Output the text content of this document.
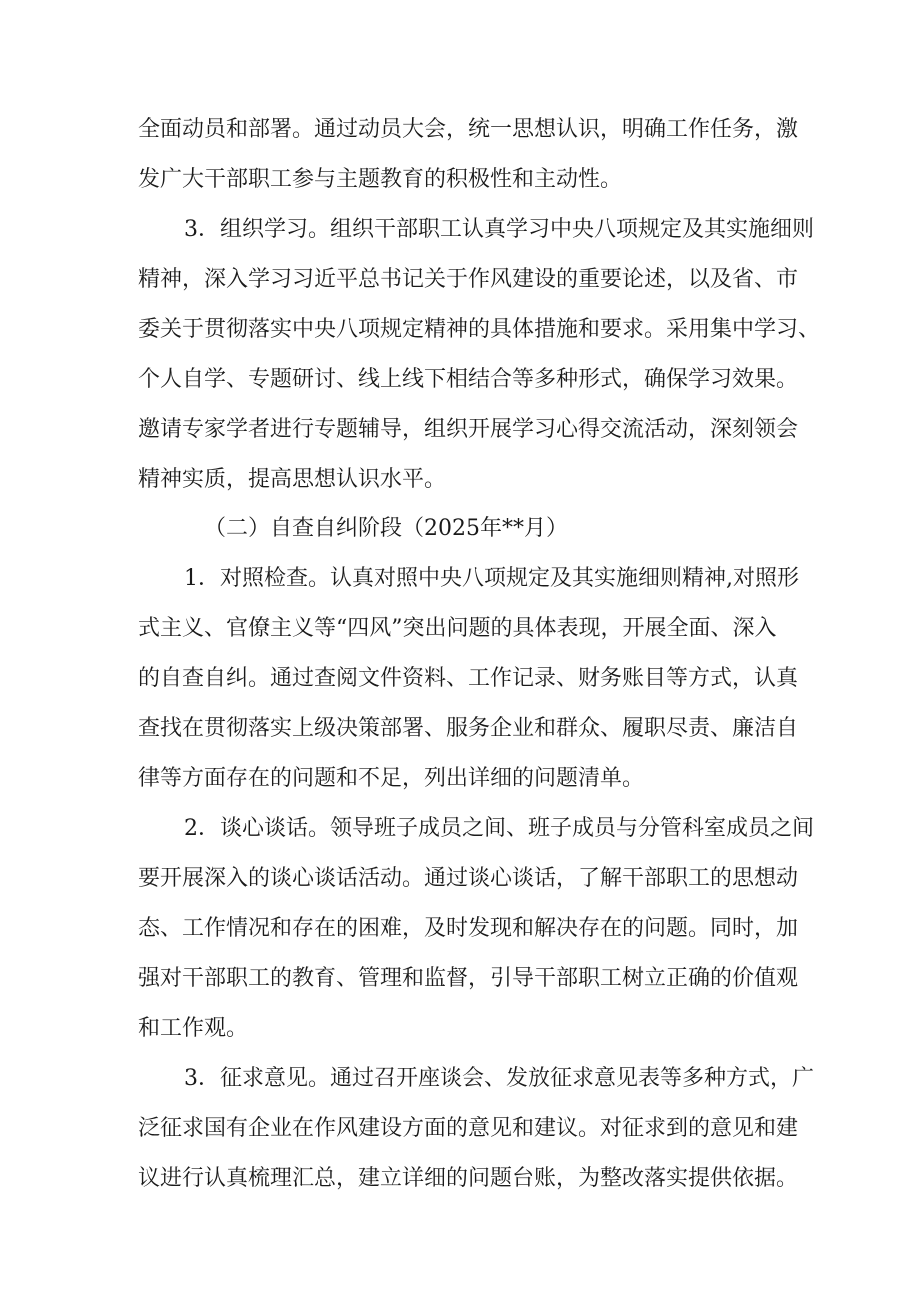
全面动员和部署。通过动员大会，统一思想认识，明确工作任务，激
发广大干部职工参与主题教育的积极性和主动性。
3．组织学习。组织干部职工认真学习中央八项规定及其实施细则
精神，深入学习习近平总书记关于作风建设的重要论述，以及省、市
委关于贯彻落实中央八项规定精神的具体措施和要求。采用集中学习、
个人自学、专题研讨、线上线下相结合等多种形式，确保学习效果。
邀请专家学者进行专题辅导，组织开展学习心得交流活动，深刻领会
精神实质，提高思想认识水平。
（二）自查自纠阶段（2025年**月）
1．对照检查。认真对照中央八项规定及其实施细则精神,对照形
式主义、官僚主义等“四风”突出问题的具体表现，开展全面、深入
的自查自纠。通过查阅文件资料、工作记录、财务账目等方式，认真
查找在贯彻落实上级决策部署、服务企业和群众、履职尽责、廉洁自
律等方面存在的问题和不足，列出详细的问题清单。
2．谈心谈话。领导班子成员之间、班子成员与分管科室成员之间
要开展深入的谈心谈话活动。通过谈心谈话，了解干部职工的思想动
态、工作情况和存在的困难，及时发现和解决存在的问题。同时，加
强对干部职工的教育、管理和监督，引导干部职工树立正确的价值观
和工作观。
3．征求意见。通过召开座谈会、发放征求意见表等多种方式，广
泛征求国有企业在作风建设方面的意见和建议。对征求到的意见和建
议进行认真梳理汇总，建立详细的问题台账，为整改落实提供依据。
